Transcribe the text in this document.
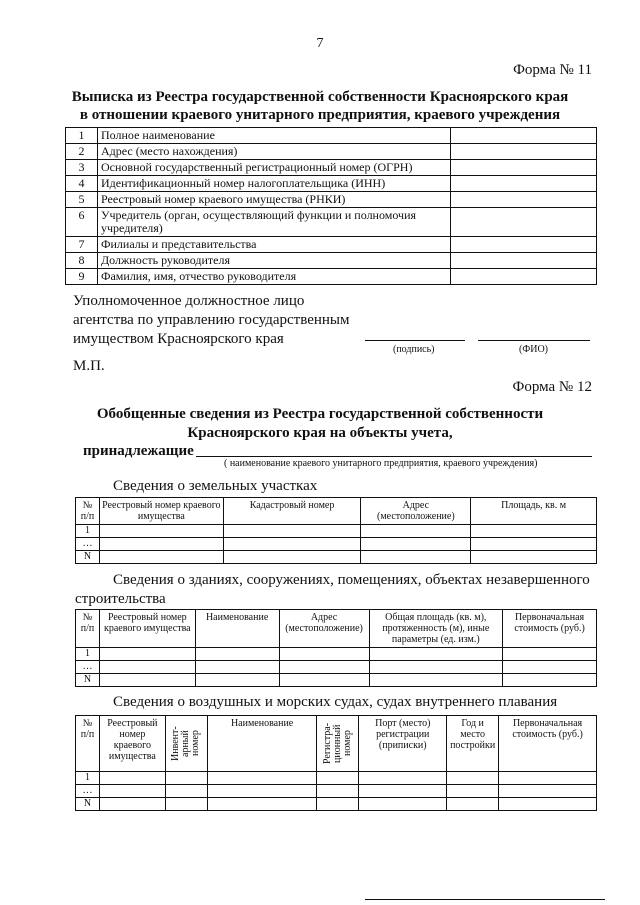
7
Форма № 11
Выписка из Реестра государственной собственности Красноярского края
в отношении краевого унитарного предприятия, краевого учреждения
1	Полное наименование	
2	Адрес (место нахождения)	
3	Основной государственный регистрационный номер (ОГРН)	
4	Идентификационный номер налогоплательщика (ИНН)	
5	Реестровый номер краевого имущества (РНКИ)	
6	Учредитель (орган, осуществляющий функции и полномочия учредителя)	
7	Филиалы и представительства	
8	Должность руководителя	
9	Фамилия, имя, отчество руководителя	
Уполномоченное должностное лицо
агентства по управлению государственным
имуществом Красноярского края
(подпись)	(ФИО)
М.П.
Форма № 12
Обобщенные сведения из Реестра государственной собственности
Красноярского края на объекты учета,
принадлежащие
( наименование краевого унитарного предприятия, краевого учреждения)
Сведения о земельных участках
№ п/п	Реестровый номер краевого имущества	Кадастровый номер	Адрес (местоположение)	Площадь, кв. м
1				
…				
N				
Сведения о зданиях, сооружениях, помещениях, объектах незавершенного
строительства
№ п/п	Реестровый номер краевого имущества	Наименование	Адрес (местоположение)	Общая площадь (кв. м), протяженность (м), иные параметры (ед. изм.)	Первоначальная стоимость (руб.)
1					
…					
N					
Сведения о воздушных и морских судах, судах внутреннего плавания
№ п/п	Реестровый номер краевого имущества	Инвент-арный номер	Наименование	Регистра-ционный номер	Порт (место) регистрации (приписки)	Год и место постройки	Первоначальная стоимость (руб.)
1							
…							
N							
